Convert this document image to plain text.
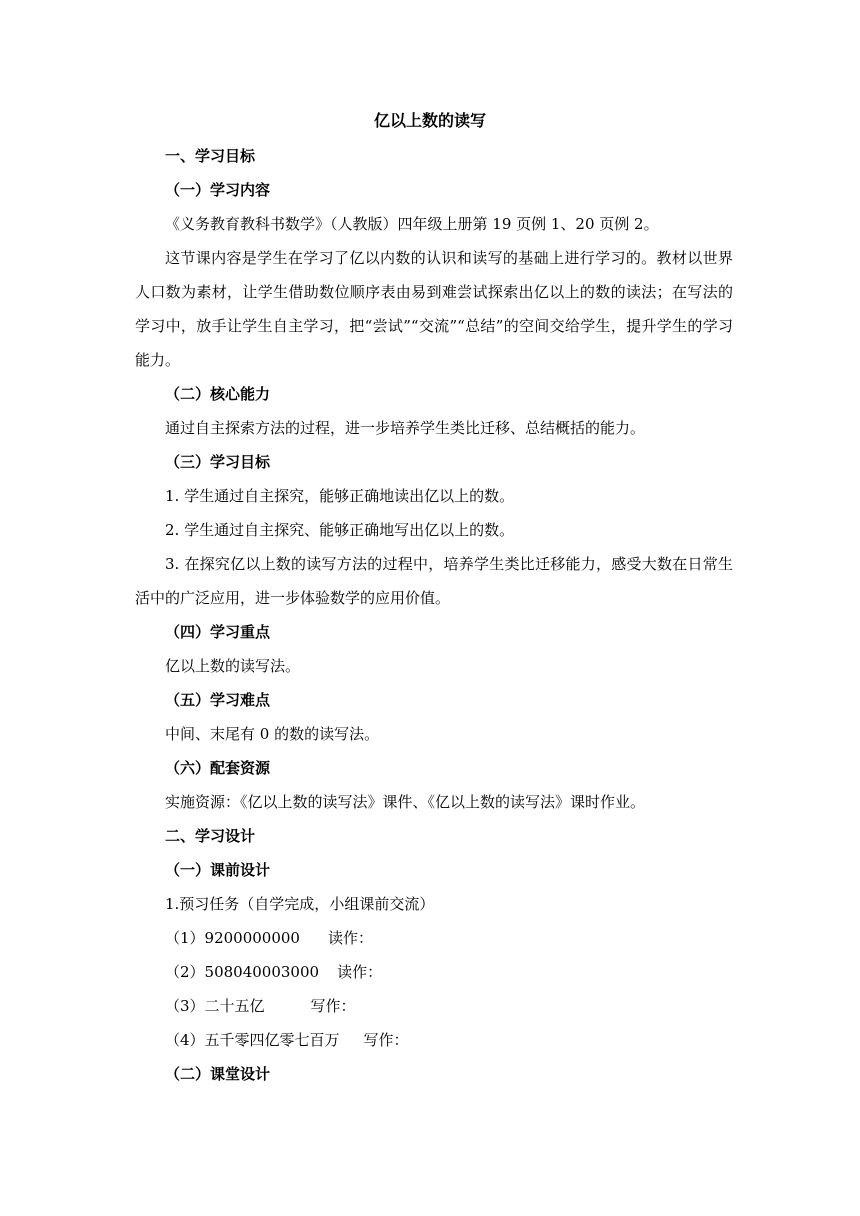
亿以上数的读写
一、学习目标
（一）学习内容
《义务教育教科书数学》（人教版）四年级上册第 19 页例 1、20 页例 2。
这节课内容是学生在学习了亿以内数的认识和读写的基础上进行学习的。教材以世界人口数为素材，让学生借助数位顺序表由易到难尝试探索出亿以上的数的读法；在写法的学习中，放手让学生自主学习，把“尝试”“交流”“总结”的空间交给学生，提升学生的学习能力。
（二）核心能力
通过自主探索方法的过程，进一步培养学生类比迁移、总结概括的能力。
（三）学习目标
1. 学生通过自主探究，能够正确地读出亿以上的数。
2. 学生通过自主探究、能够正确地写出亿以上的数。
3. 在探究亿以上数的读写方法的过程中，培养学生类比迁移能力，感受大数在日常生活中的广泛应用，进一步体验数学的应用价值。
（四）学习重点
亿以上数的读写法。
（五）学习难点
中间、末尾有 0 的数的读写法。
（六）配套资源
实施资源：《亿以上数的读写法》课件、《亿以上数的读写法》课时作业。
二、学习设计
（一）课前设计
1.预习任务（自学完成，小组课前交流）
（1）9200000000 读作：
（2）508040003000 读作：
（3）二十五亿	写作：
（4）五千零四亿零七百万 写作：
（二）课堂设计
